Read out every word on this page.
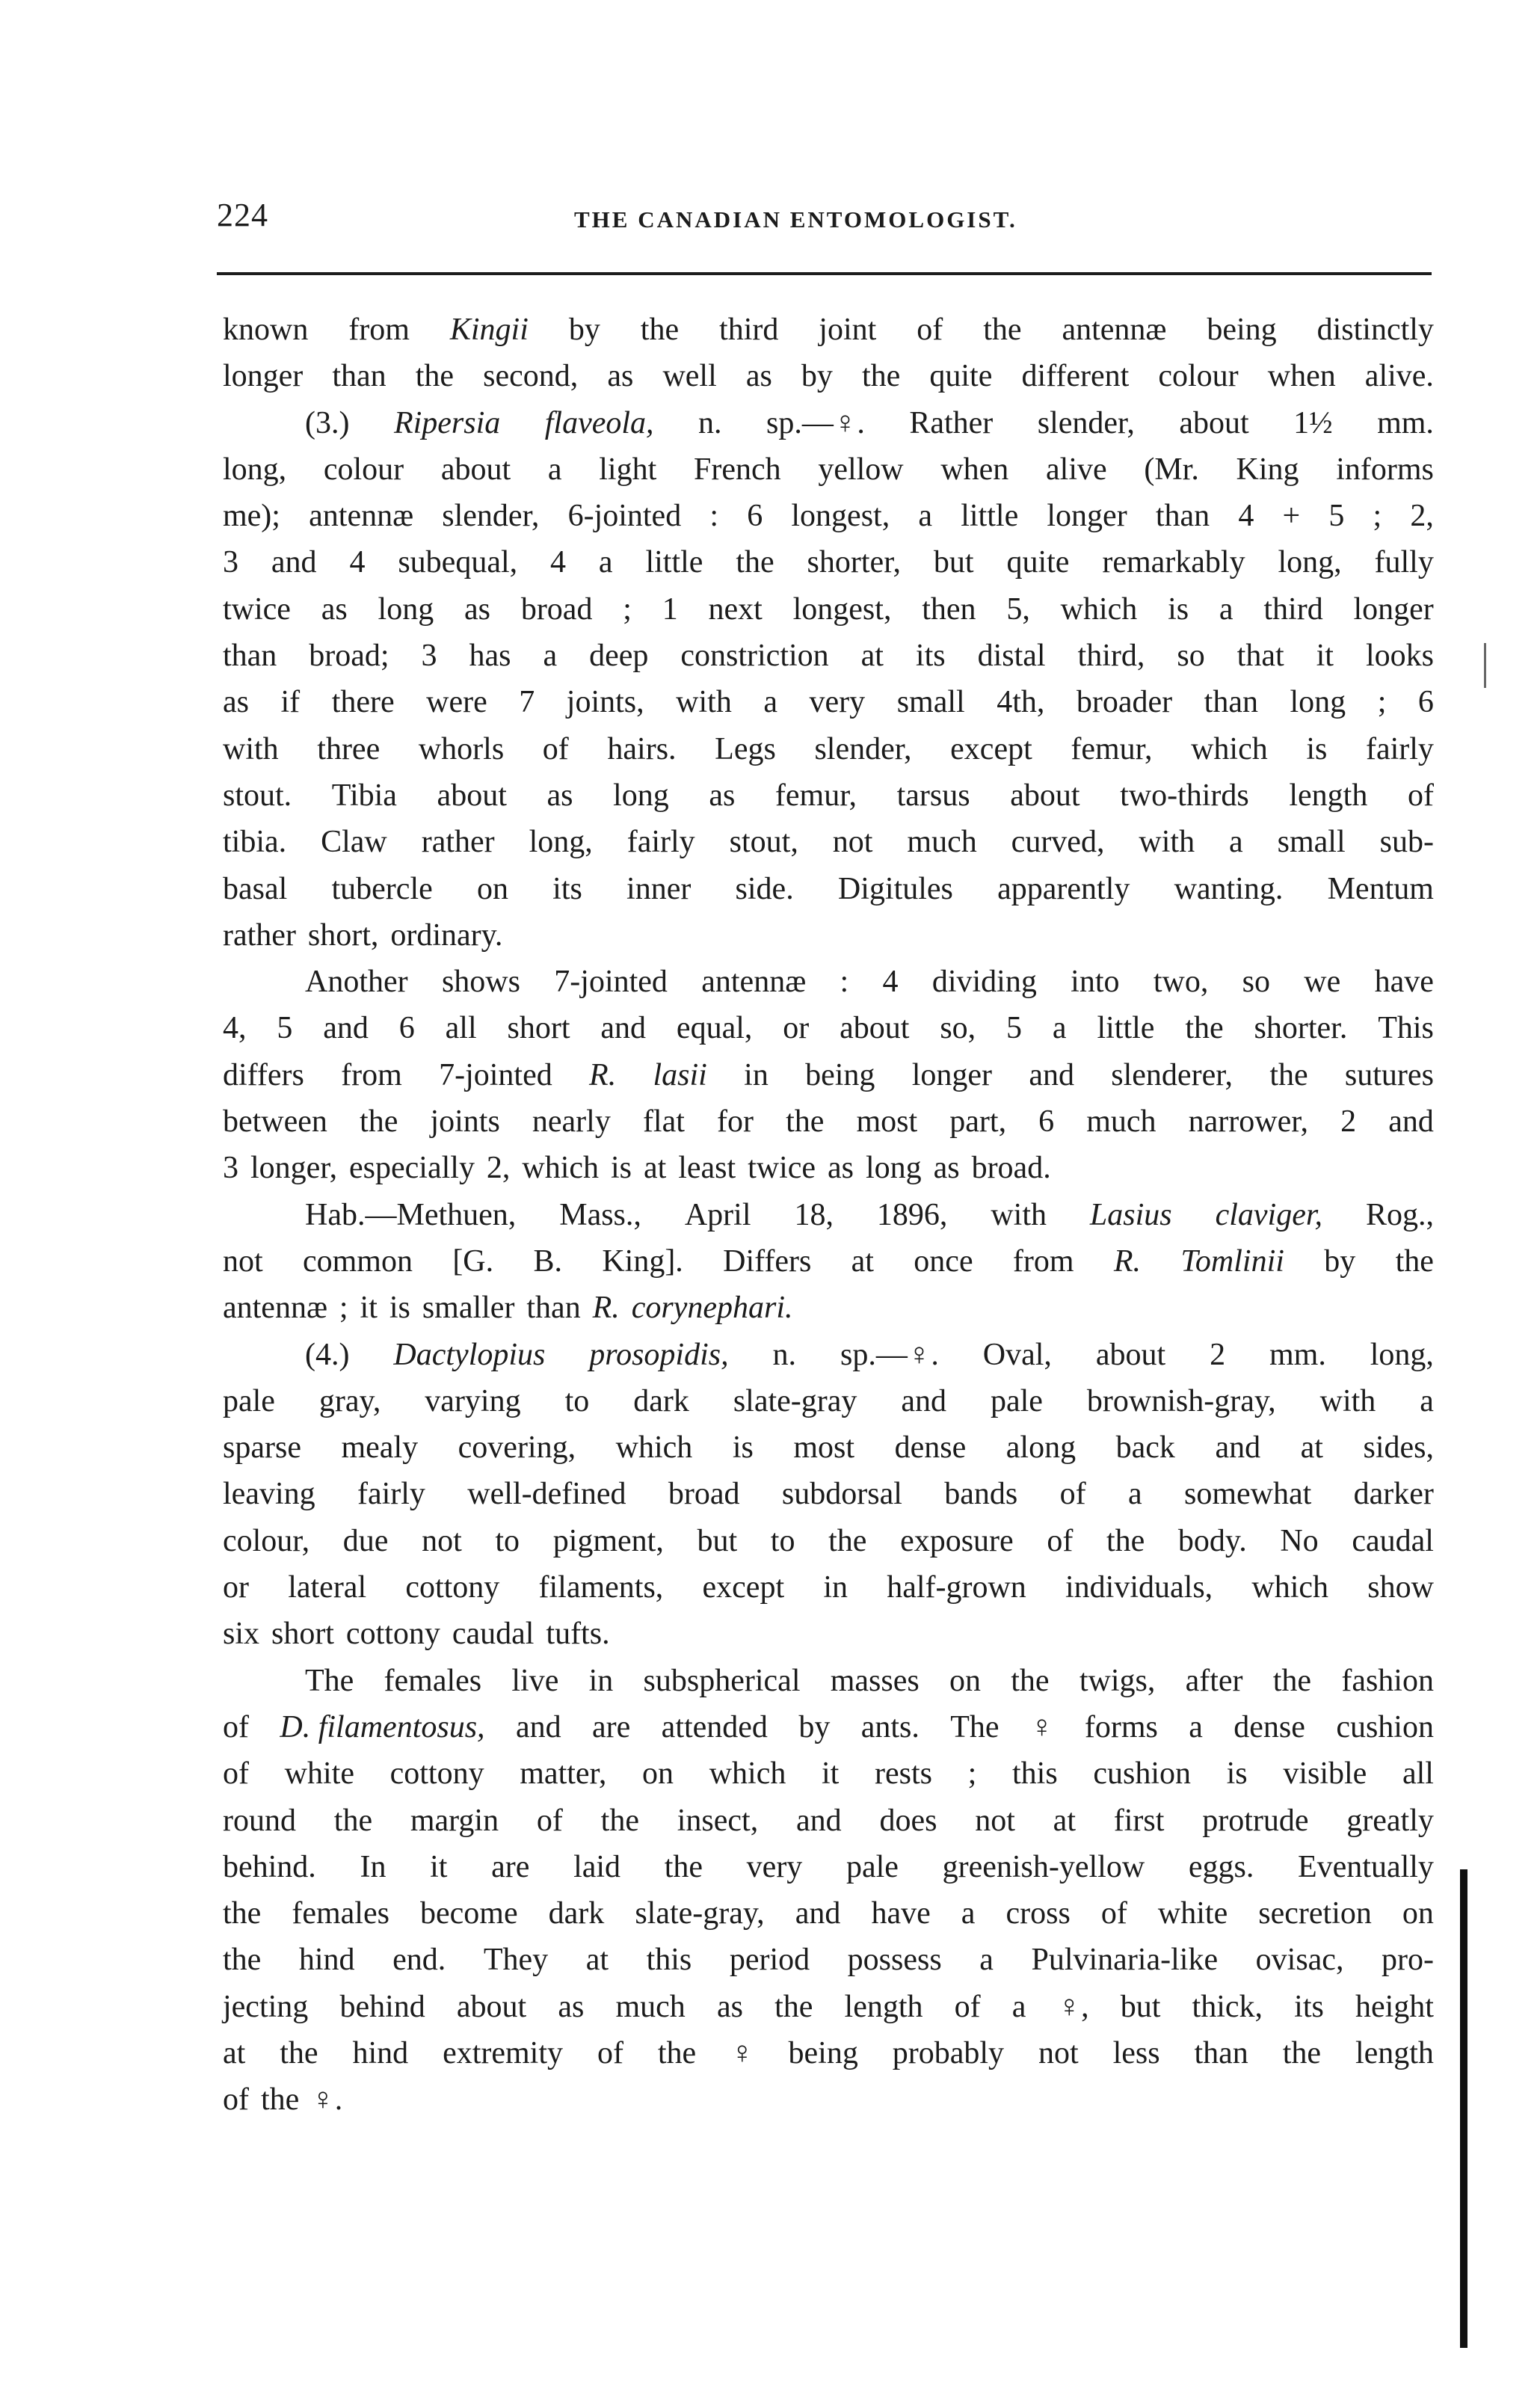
224	THE CANADIAN ENTOMOLOGIST.
known from Kingii by the third joint of the antennæ being distinctly
longer than the second, as well as by the quite different colour when alive.
(3.) Ripersia flaveola, n. sp.—♀. Rather slender, about 1½ mm.
long, colour about a light French yellow when alive (Mr. King informs
me); antennæ slender, 6-jointed : 6 longest, a little longer than 4 + 5 ; 2,
3 and 4 subequal, 4 a little the shorter, but quite remarkably long, fully
twice as long as broad ; 1 next longest, then 5, which is a third longer
than broad; 3 has a deep constriction at its distal third, so that it looks
as if there were 7 joints, with a very small 4th, broader than long ; 6
with three whorls of hairs. Legs slender, except femur, which is fairly
stout. Tibia about as long as femur, tarsus about two-thirds length of
tibia. Claw rather long, fairly stout, not much curved, with a small sub-
basal tubercle on its inner side. Digitules apparently wanting. Mentum
rather short, ordinary.
Another shows 7-jointed antennæ : 4 dividing into two, so we have
4, 5 and 6 all short and equal, or about so, 5 a little the shorter. This
differs from 7-jointed R. lasii in being longer and slenderer, the sutures
between the joints nearly flat for the most part, 6 much narrower, 2 and
3 longer, especially 2, which is at least twice as long as broad.
Hab.—Methuen, Mass., April 18, 1896, with Lasius claviger, Rog.,
not common [G. B. King]. Differs at once from R. Tomlinii by the
antennæ ; it is smaller than R. corynephari.
(4.) Dactylopius prosopidis, n. sp.—♀. Oval, about 2 mm. long,
pale gray, varying to dark slate-gray and pale brownish-gray, with a
sparse mealy covering, which is most dense along back and at sides,
leaving fairly well-defined broad subdorsal bands of a somewhat darker
colour, due not to pigment, but to the exposure of the body. No caudal
or lateral cottony filaments, except in half-grown individuals, which show
six short cottony caudal tufts.
The females live in subspherical masses on the twigs, after the fashion
of D. filamentosus, and are attended by ants. The ♀ forms a dense cushion
of white cottony matter, on which it rests ; this cushion is visible all
round the margin of the insect, and does not at first protrude greatly
behind. In it are laid the very pale greenish-yellow eggs. Eventually
the females become dark slate-gray, and have a cross of white secretion on
the hind end. They at this period possess a Pulvinaria-like ovisac, pro-
jecting behind about as much as the length of a ♀, but thick, its height
at the hind extremity of the ♀ being probably not less than the length
of the ♀.
